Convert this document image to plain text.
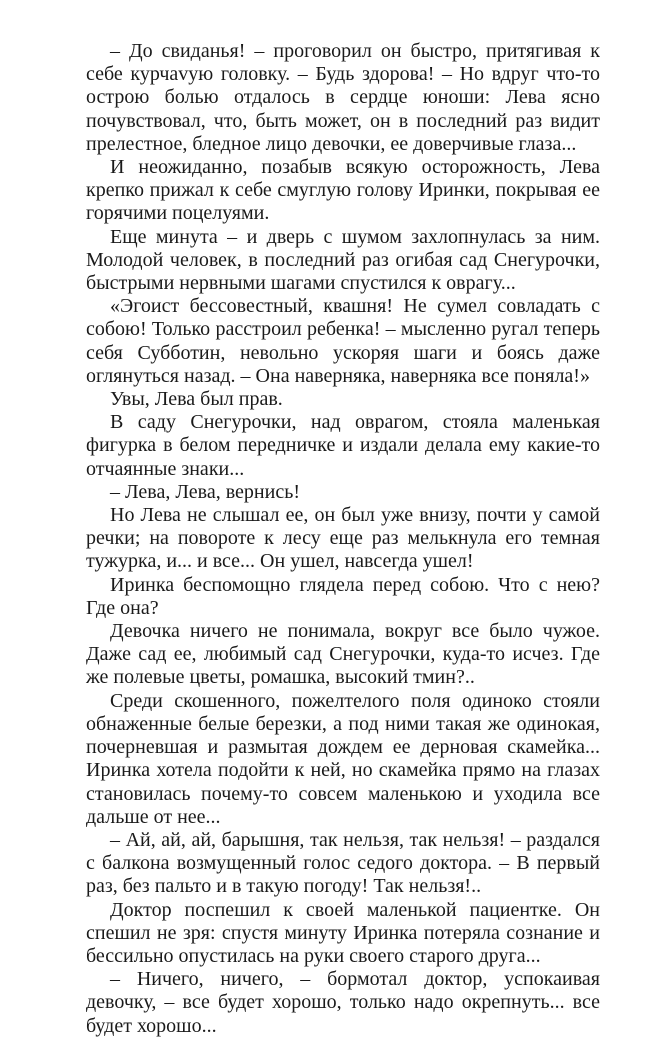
– До свиданья! – проговорил он быстро, притягивая к себе курчаvую головку. – Будь здорова! – Но вдруг что-то острою болью отдалось в сердце юноши: Лева ясно почувствовал, что, быть может, он в последний раз видит прелестное, бледное лицо девочки, ее доверчивые глаза...

И неожиданно, позабыв всякую осторожность, Лева крепко прижал к себе смуглую голову Иринки, покрывая ее горячими поцелуями.

Еще минута – и дверь с шумом захлопнулась за ним. Молодой человек, в последний раз огибая сад Снегурочки, быстрыми нервными шагами спустился к оврагу...

«Эгоист бессовестный, квашня! Не сумел совладать с собою! Только расстроил ребенка! – мысленно ругал теперь себя Субботин, невольно ускоряя шаги и боясь даже оглянуться назад. – Она наверняка, наверняка все поняла!»

Увы, Лева был прав.

В саду Снегурочки, над оврагом, стояла маленькая фигурка в белом передничке и издали делала ему какие-то отчаянные знаки...

– Лева, Лева, вернись!

Но Лева не слышал ее, он был уже внизу, почти у самой речки; на повороте к лесу еще раз мелькнула его темная тужурка, и... и все... Он ушел, навсегда ушел!

Иринка беспомощно глядела перед собою. Что с нею? Где она?

Девочка ничего не понимала, вокруг все было чужое. Даже сад ее, любимый сад Снегурочки, куда-то исчез. Где же полевые цветы, ромашка, высокий тмин?..

Среди скошенного, пожелтелого поля одиноко стояли обнаженные белые березки, а под ними такая же одинокая, почерневшая и размытая дождем ее дерновая скамейка... Иринка хотела подойти к ней, но скамейка прямо на глазах становилась почему-то совсем маленькою и уходила все дальше от нее...

– Ай, ай, ай, барышня, так нельзя, так нельзя! – раздался с балкона возмущенный голос седого доктора. – В первый раз, без пальто и в такую погоду! Так нельзя!..

Доктор поспешил к своей маленькой пациентке. Он спешил не зря: спустя минуту Иринка потеряла сознание и бессильно опустилась на руки своего старого друга...

– Ничего, ничего, – бормотал доктор, успокаивая девочку, – все будет хорошо, только надо окрепнуть... все будет хорошо...
